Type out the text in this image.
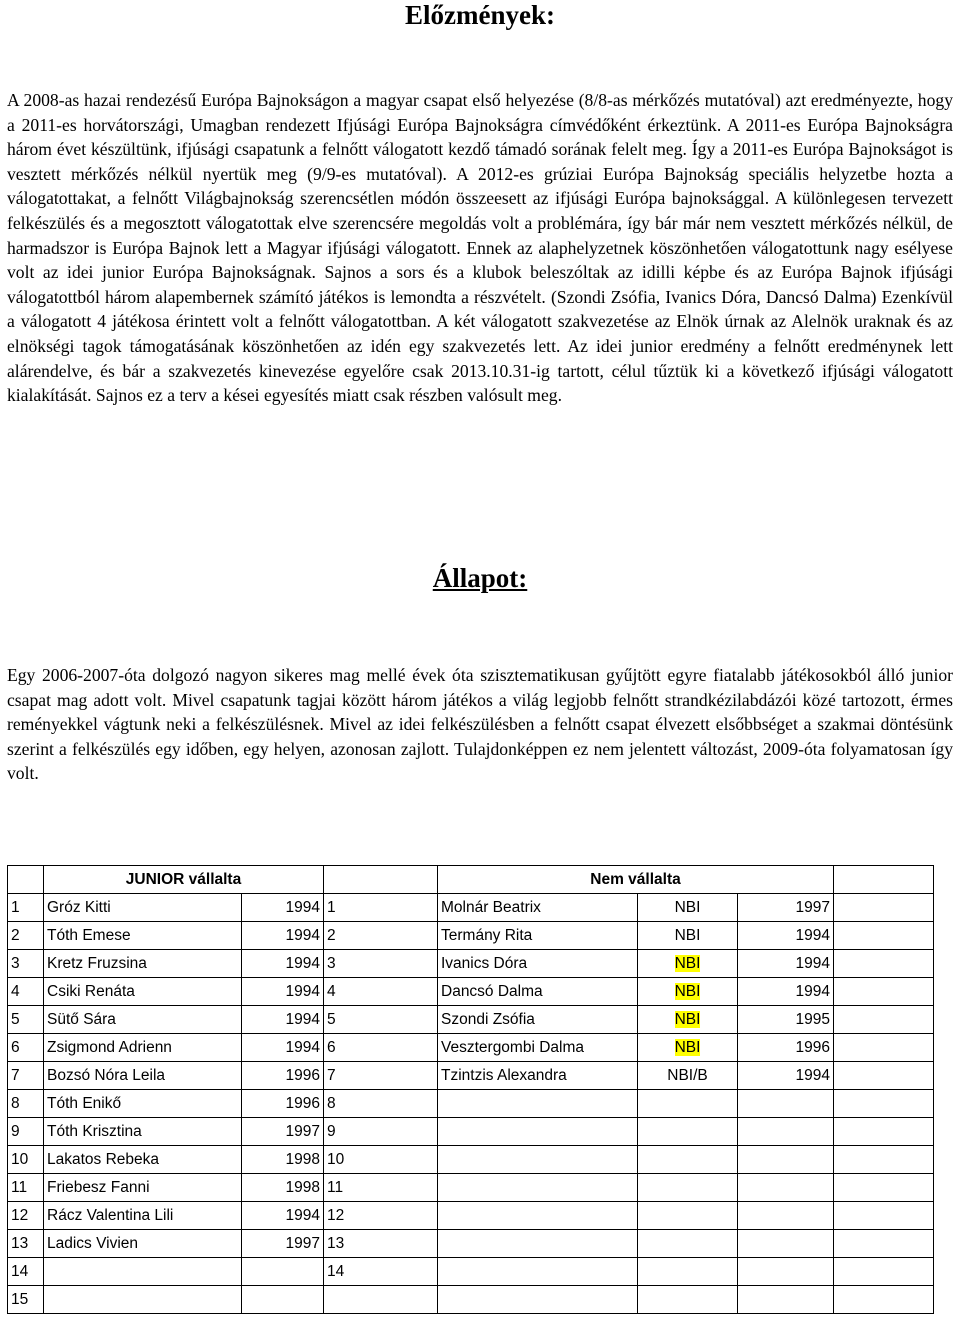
Előzmények:

A 2008-as hazai rendezésű Európa Bajnokságon a magyar csapat első helyezése (8/8-as mérkőzés mutatóval) azt eredményezte, hogy a 2011-es horvátországi, Umagban rendezett Ifjúsági Európa Bajnokságra címvédőként érkeztünk. A 2011-es Európa Bajnokságra három évet készültünk, ifjúsági csapatunk a felnőtt válogatott kezdő támadó sorának felelt meg. Így a 2011-es Európa Bajnokságot is vesztett mérkőzés nélkül nyertük meg (9/9-es mutatóval). A 2012-es grúziai Európa Bajnokság speciális helyzetbe hozta a válogatottakat, a felnőtt Világbajnokság szerencsétlen módón összeesett az ifjúsági Európa bajnoksággal. A különlegesen tervezett felkészülés és a megosztott válogatottak elve szerencsére megoldás volt a problémára, így bár már nem vesztett mérkőzés nélkül, de harmadszor is Európa Bajnok lett a Magyar ifjúsági válogatott. Ennek az alaphelyzetnek köszönhetően válogatottunk nagy esélyese volt az idei junior Európa Bajnokságnak. Sajnos a sors és a klubok beleszóltak az idilli képbe és az Európa Bajnok ifjúsági válogatottból három alapembernek számító játékos is lemondta a részvételt. (Szondi Zsófia, Ivanics Dóra, Dancsó Dalma) Ezenkívül a válogatott 4 játékosa érintett volt a felnőtt válogatottban. A két válogatott szakvezetése az Elnök úrnak az Alelnök uraknak és az elnökségi tagok támogatásának köszönhetően az idén egy szakvezetés lett. Az idei junior eredmény a felnőtt eredménynek lett alárendelve, és bár a szakvezetés kinevezése egyelőre csak 2013.10.31-ig tartott, célul tűztük ki a következő ifjúsági válogatott kialakítását. Sajnos ez a terv a kései egyesítés miatt csak részben valósult meg.

Állapot:

Egy 2006-2007-óta dolgozó nagyon sikeres mag mellé évek óta szisztematikusan gyűjtött egyre fiatalabb játékosokból álló junior csapat mag adott volt. Mivel csapatunk tagjai között három játékos a világ legjobb felnőtt strandkézilabdázói közé tartozott, érmes reményekkel vágtunk neki a felkészülésnek. Mivel az idei felkészülésben a felnőtt csapat élvezett elsőbbséget a szakmai döntésünk szerint a felkészülés egy időben, egy helyen, azonosan zajlott. Tulajdonképpen ez nem jelentett változást, 2009-óta folyamatosan így volt.

	JUNIOR vállalta			Nem vállalta			
1	Gróz Kitti	1994	1	Molnár Beatrix	NBI	1997	
2	Tóth Emese	1994	2	Termány Rita	NBI	1994	
3	Kretz Fruzsina	1994	3	Ivanics Dóra	NBI	1994	
4	Csiki Renáta	1994	4	Dancsó Dalma	NBI	1994	
5	Sütő Sára	1994	5	Szondi Zsófia	NBI	1995	
6	Zsigmond Adrienn	1994	6	Vesztergombi Dalma	NBI	1996	
7	Bozsó Nóra Leila	1996	7	Tzintzis Alexandra	NBI/B	1994	
8	Tóth Enikő	1996	8				
9	Tóth Krisztina	1997	9				
10	Lakatos Rebeka	1998	10				
11	Friebesz Fanni	1998	11				
12	Rácz Valentina Lili	1994	12				
13	Ladics Vivien	1997	13				
14			14				
15							
